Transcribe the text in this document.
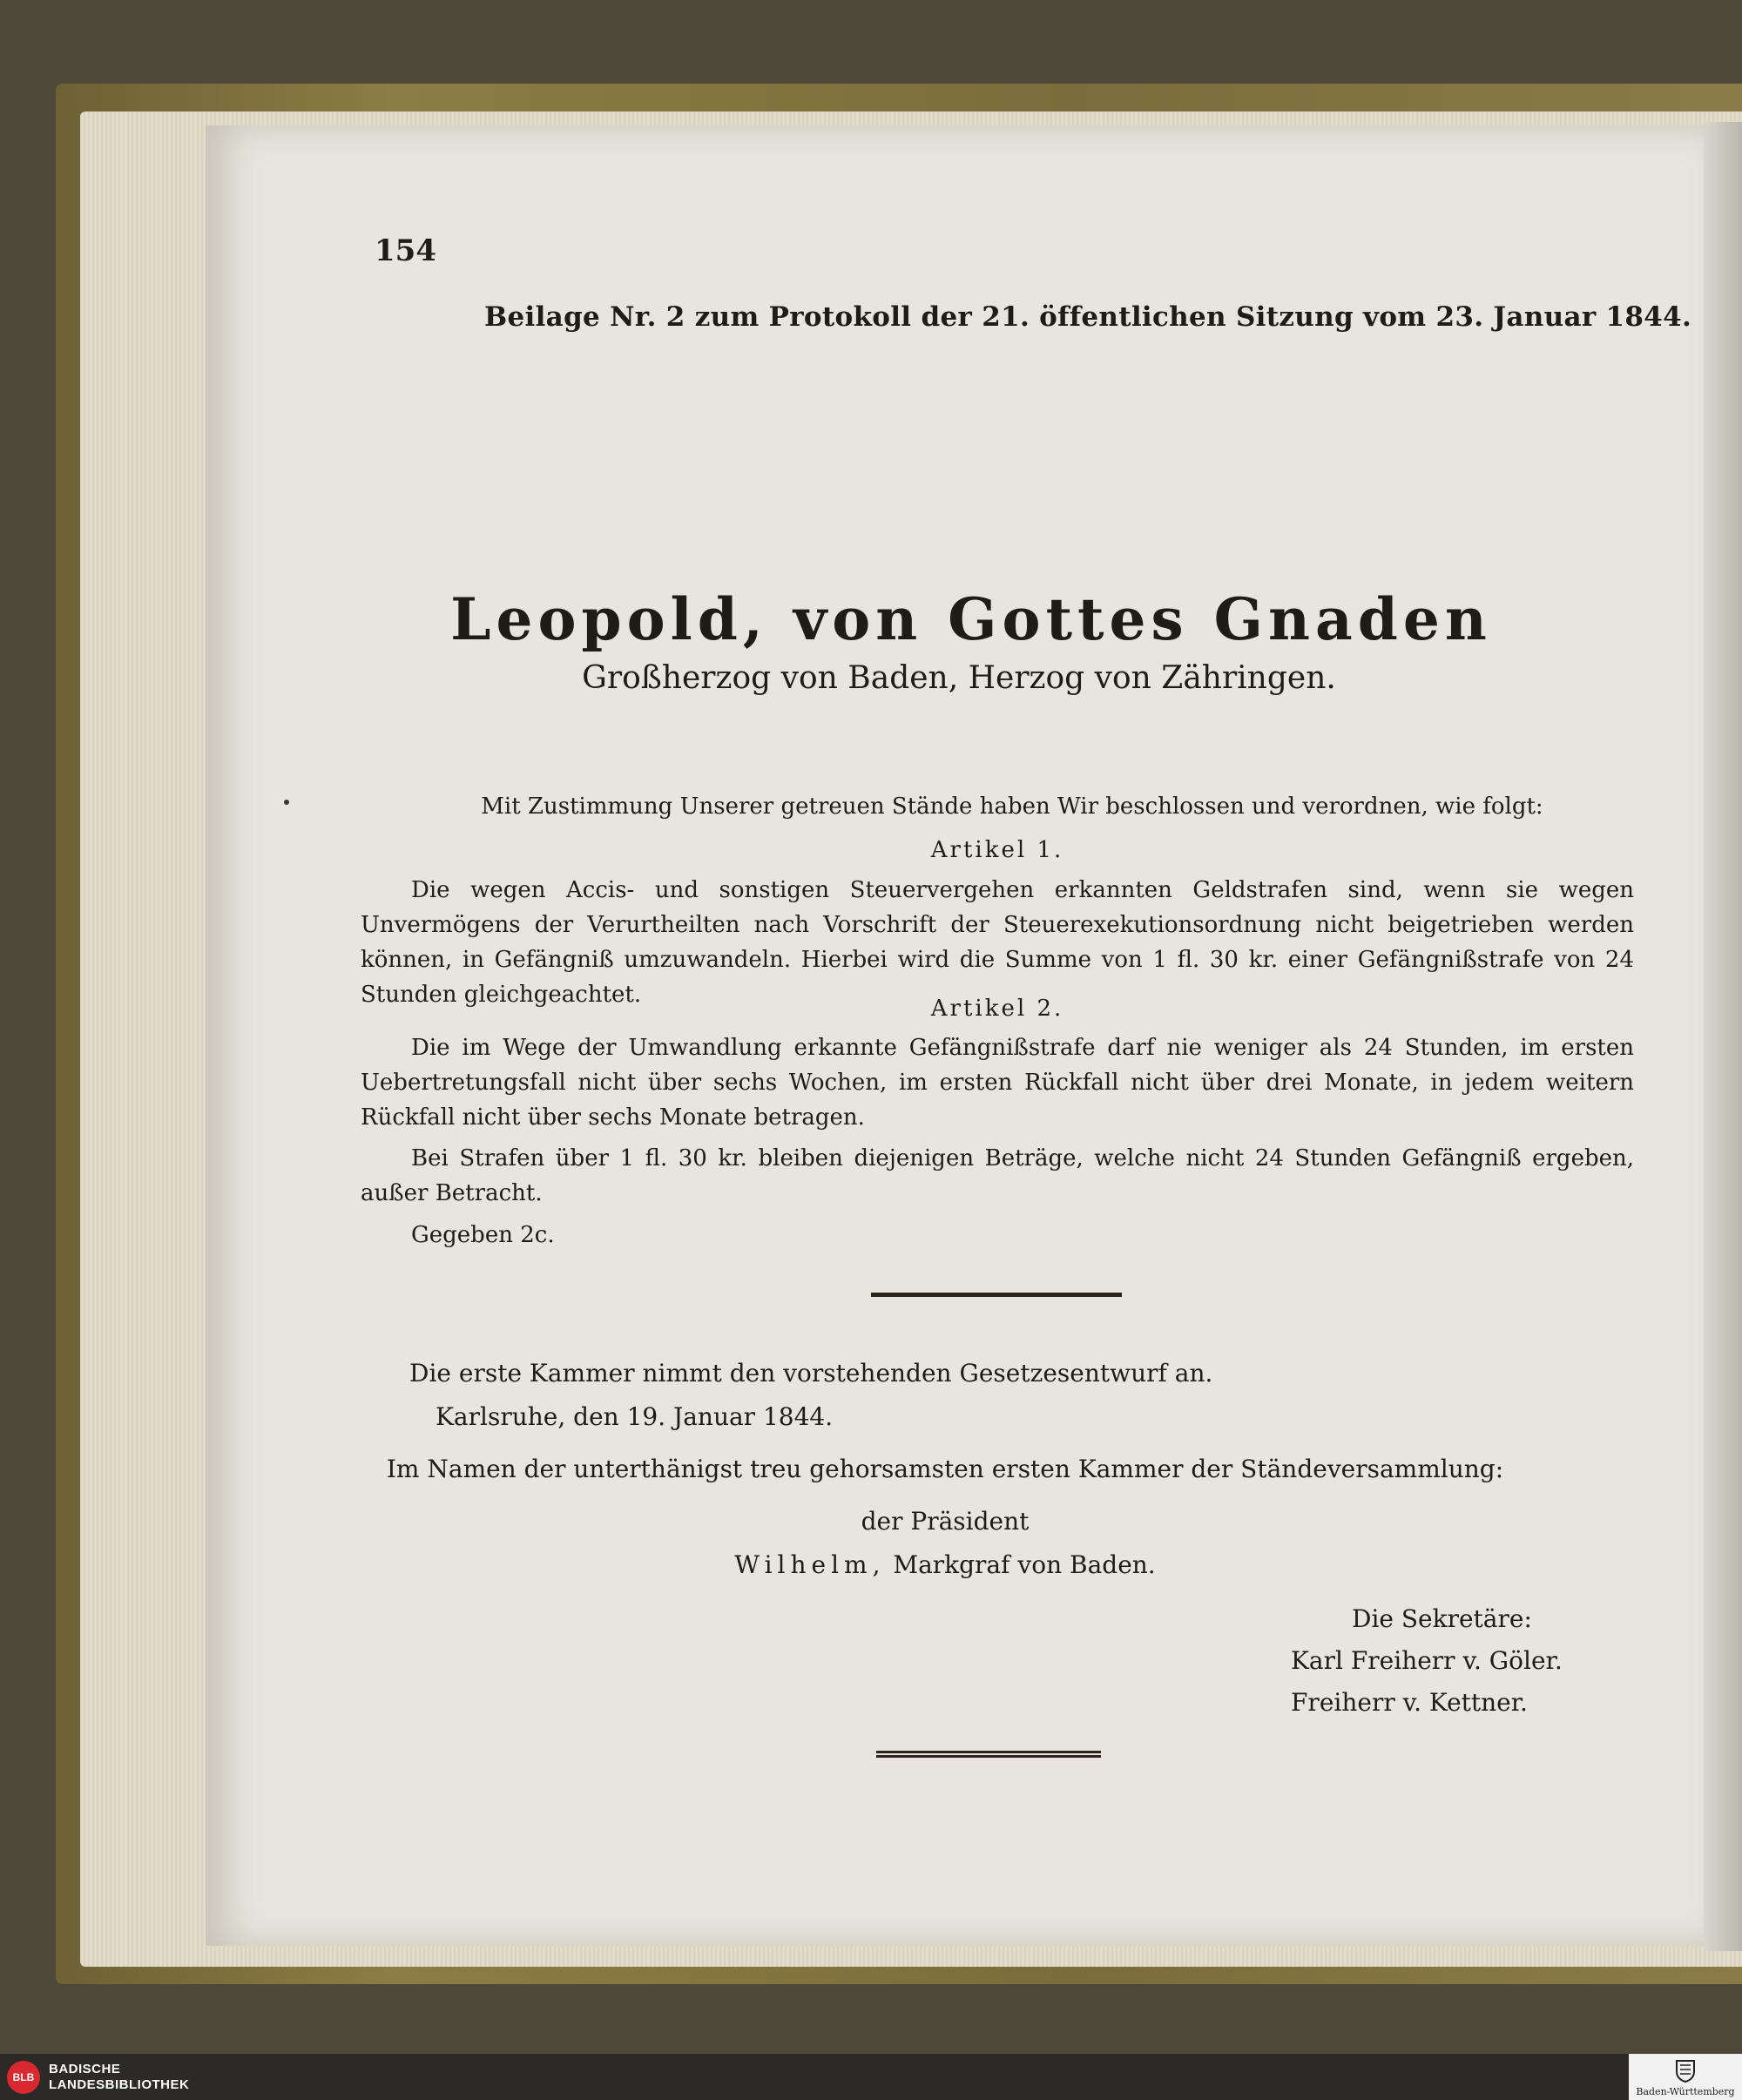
154
Beilage Nr. 2 zum Protokoll der 21. öffentlichen Sitzung vom 23. Januar 1844.
Leopold, von Gottes Gnaden
Großherzog von Baden, Herzog von Zähringen.
Mit Zustimmung Unserer getreuen Stände haben Wir beschlossen und verordnen, wie folgt:
Artikel 1.
Die wegen Accis- und sonstigen Steuervergehen erkannten Geldstrafen sind, wenn sie wegen Unvermögens der Verurtheilten nach Vorschrift der Steuerexekutionsordnung nicht beigetrieben werden können, in Gefängniß umzuwandeln. Hierbei wird die Summe von 1 fl. 30 kr. einer Gefängnißstrafe von 24 Stunden gleichgeachtet.
Artikel 2.
Die im Wege der Umwandlung erkannte Gefängnißstrafe darf nie weniger als 24 Stunden, im ersten Uebertretungsfall nicht über sechs Wochen, im ersten Rückfall nicht über drei Monate, in jedem weitern Rückfall nicht über sechs Monate betragen.
Bei Strafen über 1 fl. 30 kr. bleiben diejenigen Beträge, welche nicht 24 Stunden Gefängniß ergeben, außer Betracht.
Gegeben 2c.
Die erste Kammer nimmt den vorstehenden Gesetzesentwurf an.
Karlsruhe, den 19. Januar 1844.
Im Namen der unterthänigst treu gehorsamsten ersten Kammer der Ständeversammlung:
der Präsident
Wilhelm, Markgraf von Baden.
Die Sekretäre:
Karl Freiherr v. Göler.
Freiherr v. Kettner.
BLB
BADISCHE
LANDESBIBLIOTHEK	Baden-Württemberg
